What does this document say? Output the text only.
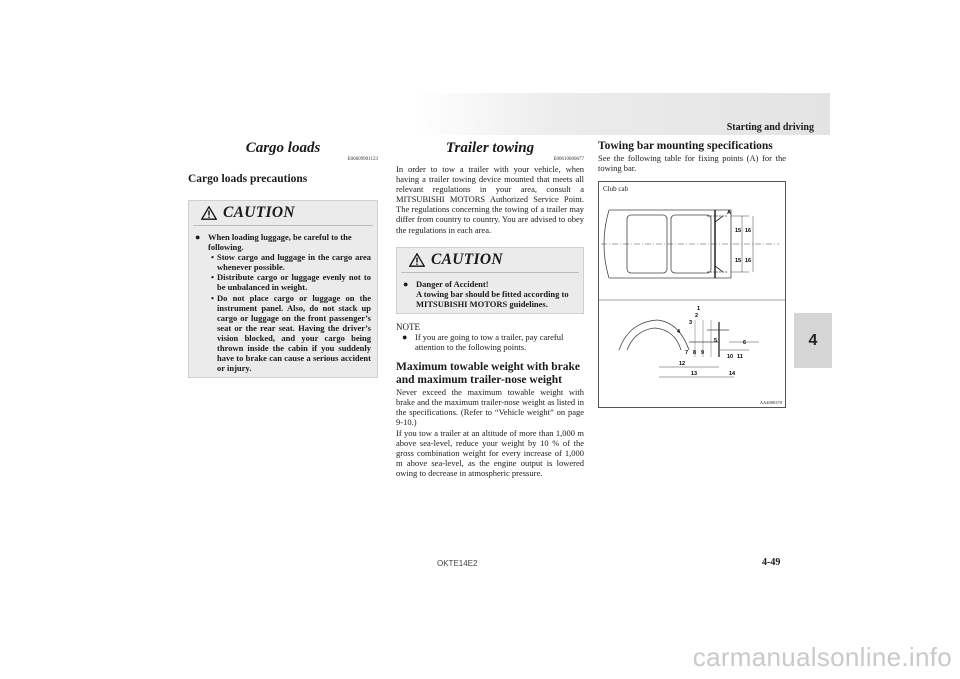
Starting and driving
4

Cargo loads

E00609901123

Cargo loads precautions

CAUTION
● When loading luggage, be careful to the following.
• Stow cargo and luggage in the cargo area whenever possible.
• Distribute cargo or luggage evenly not to be unbalanced in weight.
• Do not place cargo or luggage on the instrument panel. Also, do not stack up cargo or luggage on the front passenger’s seat or the rear seat. Having the driver’s vision blocked, and your cargo being thrown inside the cabin if you suddenly have to brake can cause a serious accident or injury.

Trailer towing

E00610000677

In order to tow a trailer with your vehicle, when having a trailer towing device mounted that meets all relevant regulations in your area, consult a MITSUBISHI MOTORS Authorized Service Point. The regulations concerning the towing of a trailer may differ from country to country. You are advised to obey the regulations in each area.

CAUTION
● Danger of Accident!
A towing bar should be fitted according to MITSUBISHI MOTORS guidelines.
NOTE
● If you are going to tow a trailer, pay careful attention to the following points.

Maximum towable weight with brake and maximum trailer-nose weight

Never exceed the maximum towable weight with brake and the maximum trailer-nose weight as listed in the specifications. (Refer to “Vehicle weight” on page 9-10.)

If you tow a trailer at an altitude of more than 1,000 m above sea-level, reduce your weight by 10 % of the gross combination weight for every increase of 1,000 m above sea-level, as the engine output is lowered owing to decrease in atmospheric pressure.

Towing bar mounting specifications

See the following table for fixing points (A) for the towing bar.

Club cab
A
15 16
15 16
1
2
3
4
5	6
7 8 9
10 11
12
13	14
AA4000370
OKTE14E2	4-49
carmanualsonline.info
